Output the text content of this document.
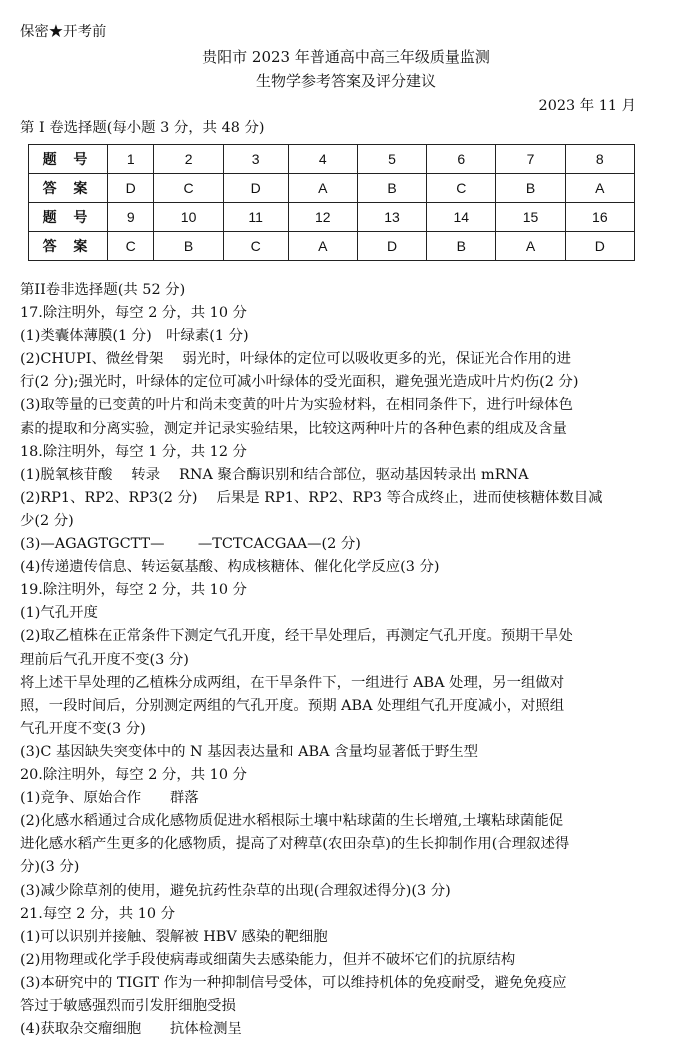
保密★开考前
贵阳市 2023 年普通高中高三年级质量监测
生物学参考答案及评分建议
2023 年 11 月
第 I 卷选择题(每小题 3 分，共 48 分)
题 号	1	2	3	4	5	6	7	8
答 案	D	C	D	A	B	C	B	A
题 号	9	10	11	12	13	14	15	16
答 案	C	B	C	A	D	B	A	D
第II卷非选择题(共 52 分)
17.除注明外，每空 2 分，共 10 分
(1)类囊体薄膜(1 分)　叶绿素(1 分)
(2)CHUPI、微丝骨架　 弱光时，叶绿体的定位可以吸收更多的光，保证光合作用的进
行(2 分);强光时，叶绿体的定位可减小叶绿体的受光面积，避免强光造成叶片灼伤(2 分)
(3)取等量的已变黄的叶片和尚未变黄的叶片为实验材料，在相同条件下，进行叶绿体色
素的提取和分离实验，测定并记录实验结果，比较这两种叶片的各种色素的组成及含量
18.除注明外，每空 1 分，共 12 分
(1)脱氧核苷酸　 转录　 RNA 聚合酶识别和结合部位，驱动基因转录出 mRNA
(2)RP1、RP2、RP3(2 分)　 后果是 RP1、RP2、RP3 等合成终止，进而使核糖体数目减
少(2 分)
(3)—AGAGTGCTT—　　 —TCTCACGAA—(2 分)
(4)传递遗传信息、转运氨基酸、构成核糖体、催化化学反应(3 分)
19.除注明外，每空 2 分，共 10 分
(1)气孔开度
(2)取乙植株在正常条件下测定气孔开度，经干旱处理后，再测定气孔开度。预期干旱处
理前后气孔开度不变(3 分)
将上述干旱处理的乙植株分成两组，在干旱条件下，一组进行 ABA 处理，另一组做对
照，一段时间后，分别测定两组的气孔开度。预期 ABA 处理组气孔开度减小，对照组
气孔开度不变(3 分)
(3)C 基因缺失突变体中的 N 基因表达量和 ABA 含量均显著低于野生型
20.除注明外，每空 2 分，共 10 分
(1)竞争、原始合作　　群落
(2)化感水稻通过合成化感物质促进水稻根际土壤中粘球菌的生长增殖,土壤粘球菌能促
进化感水稻产生更多的化感物质，提高了对稗草(农田杂草)的生长抑制作用(合理叙述得
分)(3 分)
(3)减少除草剂的使用，避免抗药性杂草的出现(合理叙述得分)(3 分)
21.每空 2 分，共 10 分
(1)可以识别并接触、裂解被 HBV 感染的靶细胞
(2)用物理或化学手段使病毒或细菌失去感染能力，但并不破坏它们的抗原结构
(3)本研究中的 TIGIT 作为一种抑制信号受体，可以维持机体的免疫耐受，避免免疫应
答过于敏感强烈而引发肝细胞受损
(4)获取杂交瘤细胞　　抗体检测呈
